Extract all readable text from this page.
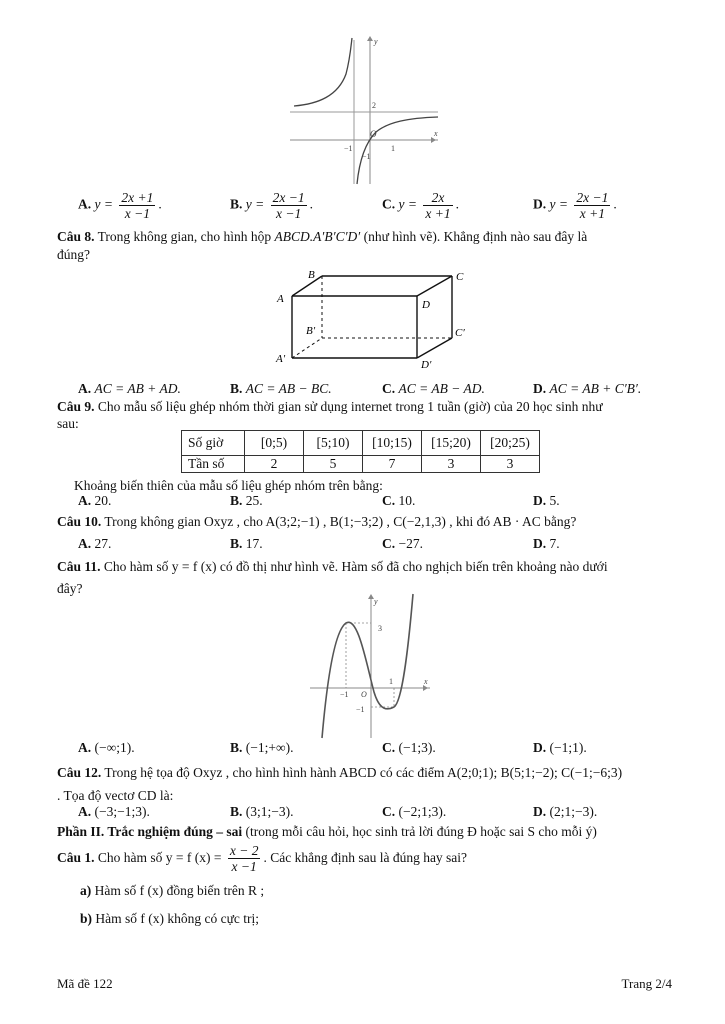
y
x
O
2
−1
−1
1
A. $y = \frac{2x +1}{x -1}$ .	B. $y = \frac{2x -1}{x -1}$ .	C. $y = \frac{2x}{x +1}$ .	D. $y = \frac{2x -1}{x +1}$ .
Câu 8. Trong không gian, cho hình hộp ABCD.A′B′C′D′ (như hình vẽ). Khẳng định nào sau đây là
đúng?
A
B	C
D
A′
B′	C′
D′
A. AC = AB + AD.	B. AC = AB − BC.	C. AC = AB − AD.	D. AC = AB + C′B′.
Câu 9. Cho mẫu số liệu ghép nhóm thời gian sử dụng internet trong 1 tuần (giờ) của 20 học sinh như
sau:
Số giờ	[0;5)	[5;10)	[10;15)	[15;20)	[20;25)
Tần số	2	5	7	3	3
Khoảng biến thiên của mẫu số liệu ghép nhóm trên bằng:
A. 20.	B. 25.	C. 10.	D. 5.
Câu 10. Trong không gian Oxyz , cho A(3;2;−1) , B(1;−3;2) , C(−2,1,3) , khi đó AB · AC bằng?
A. 27.	B. 17.	C. −27.	D. 7.
Câu 11. Cho hàm số y = f (x) có đồ thị như hình vẽ. Hàm số đã cho nghịch biến trên khoảng nào dưới
đây?
y
x
O
3
−1
−1
1
A. (−∞;1).	B. (−1;+∞).	C. (−1;3).	D. (−1;1).
Câu 12. Trong hệ tọa độ Oxyz , cho hình hình hành ABCD có các điểm A(2;0;1); B(5;1;−2); C(−1;−6;3)
. Tọa độ vectơ CD là:
A. (−3;−1;3).	B. (3;1;−3).	C. (−2;1;3).	D. (2;1;−3).
Phần II. Trắc nghiệm đúng – sai (trong mỗi câu hỏi, học sinh trả lời đúng Đ hoặc sai S cho mỗi ý)
Câu 1. Cho hàm số y = f $(x) = \frac{x - 2}{x -1}$ . Các khẳng định sau là đúng hay sai?
a) Hàm số f (x) đồng biến trên R ;
b) Hàm số f (x) không có cực trị;
Mã đề 122	Trang 2/4
